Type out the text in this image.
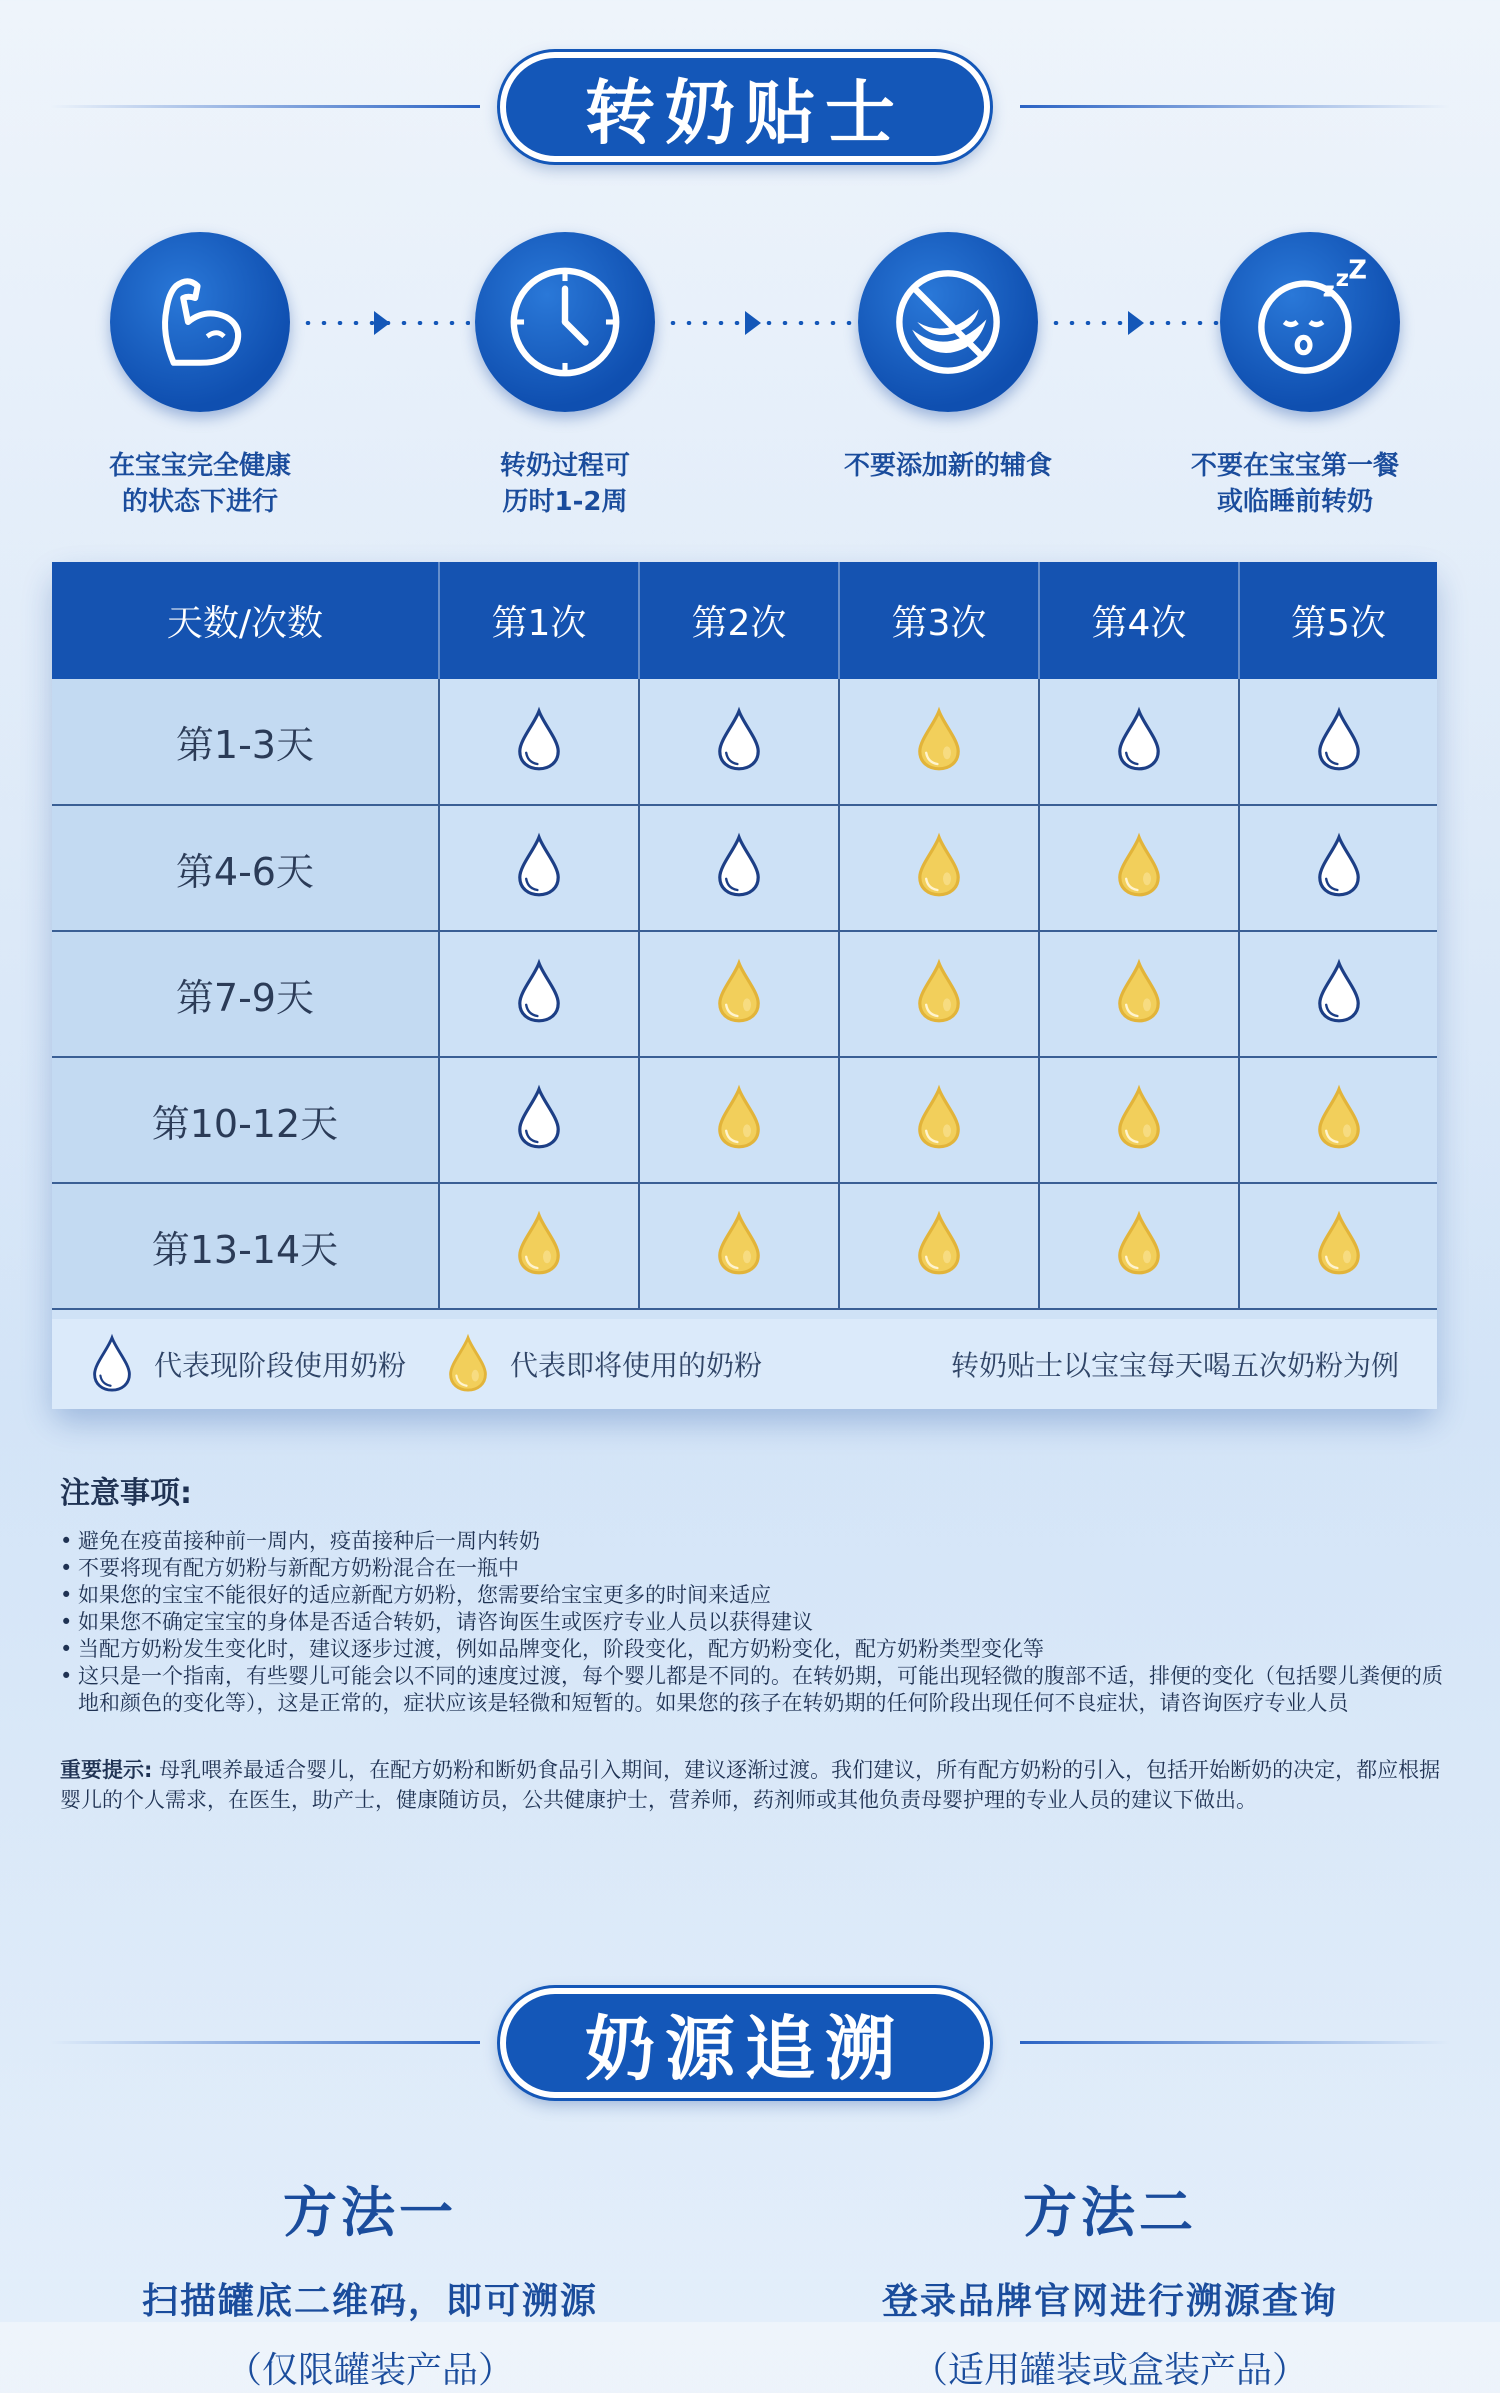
转奶贴士
z z Z
在宝宝完全健康
的状态下进行
转奶过程可
历时1-2周
不要添加新的辅食	不要在宝宝第一餐
或临睡前转奶
天数/次数	第1次	第2次	第3次	第4次	第5次
第1-3天					
第4-6天					
第7-9天					
第10-12天					
第13-14天					
代表现阶段使用奶粉	代表即将使用的奶粉	转奶贴士以宝宝每天喝五次奶粉为例
注意事项:
• 避免在疫苗接种前一周内，疫苗接种后一周内转奶
• 不要将现有配方奶粉与新配方奶粉混合在一瓶中
• 如果您的宝宝不能很好的适应新配方奶粉，您需要给宝宝更多的时间来适应
• 如果您不确定宝宝的身体是否适合转奶，请咨询医生或医疗专业人员以获得建议
• 当配方奶粉发生变化时，建议逐步过渡，例如品牌变化，阶段变化，配方奶粉变化，配方奶粉类型变化等
• 这只是一个指南，有些婴儿可能会以不同的速度过渡，每个婴儿都是不同的。在转奶期，可能出现轻微的腹部不适，排便的变化（包括婴儿粪便的质地和颜色的变化等），这是正常的，症状应该是轻微和短暂的。如果您的孩子在转奶期的任何阶段出现任何不良症状，请咨询医疗专业人员
重要提示: 母乳喂养最适合婴儿，在配方奶粉和断奶食品引入期间，建议逐渐过渡。我们建议，所有配方奶粉的引入，包括开始断奶的决定，都应根据婴儿的个人需求，在医生，助产士，健康随访员，公共健康护士，营养师，药剂师或其他负责母婴护理的专业人员的建议下做出。
奶源追溯
方法一
扫描罐底二维码，即可溯源
（仅限罐装产品）
方法二
登录品牌官网进行溯源查询
（适用罐装或盒装产品）
